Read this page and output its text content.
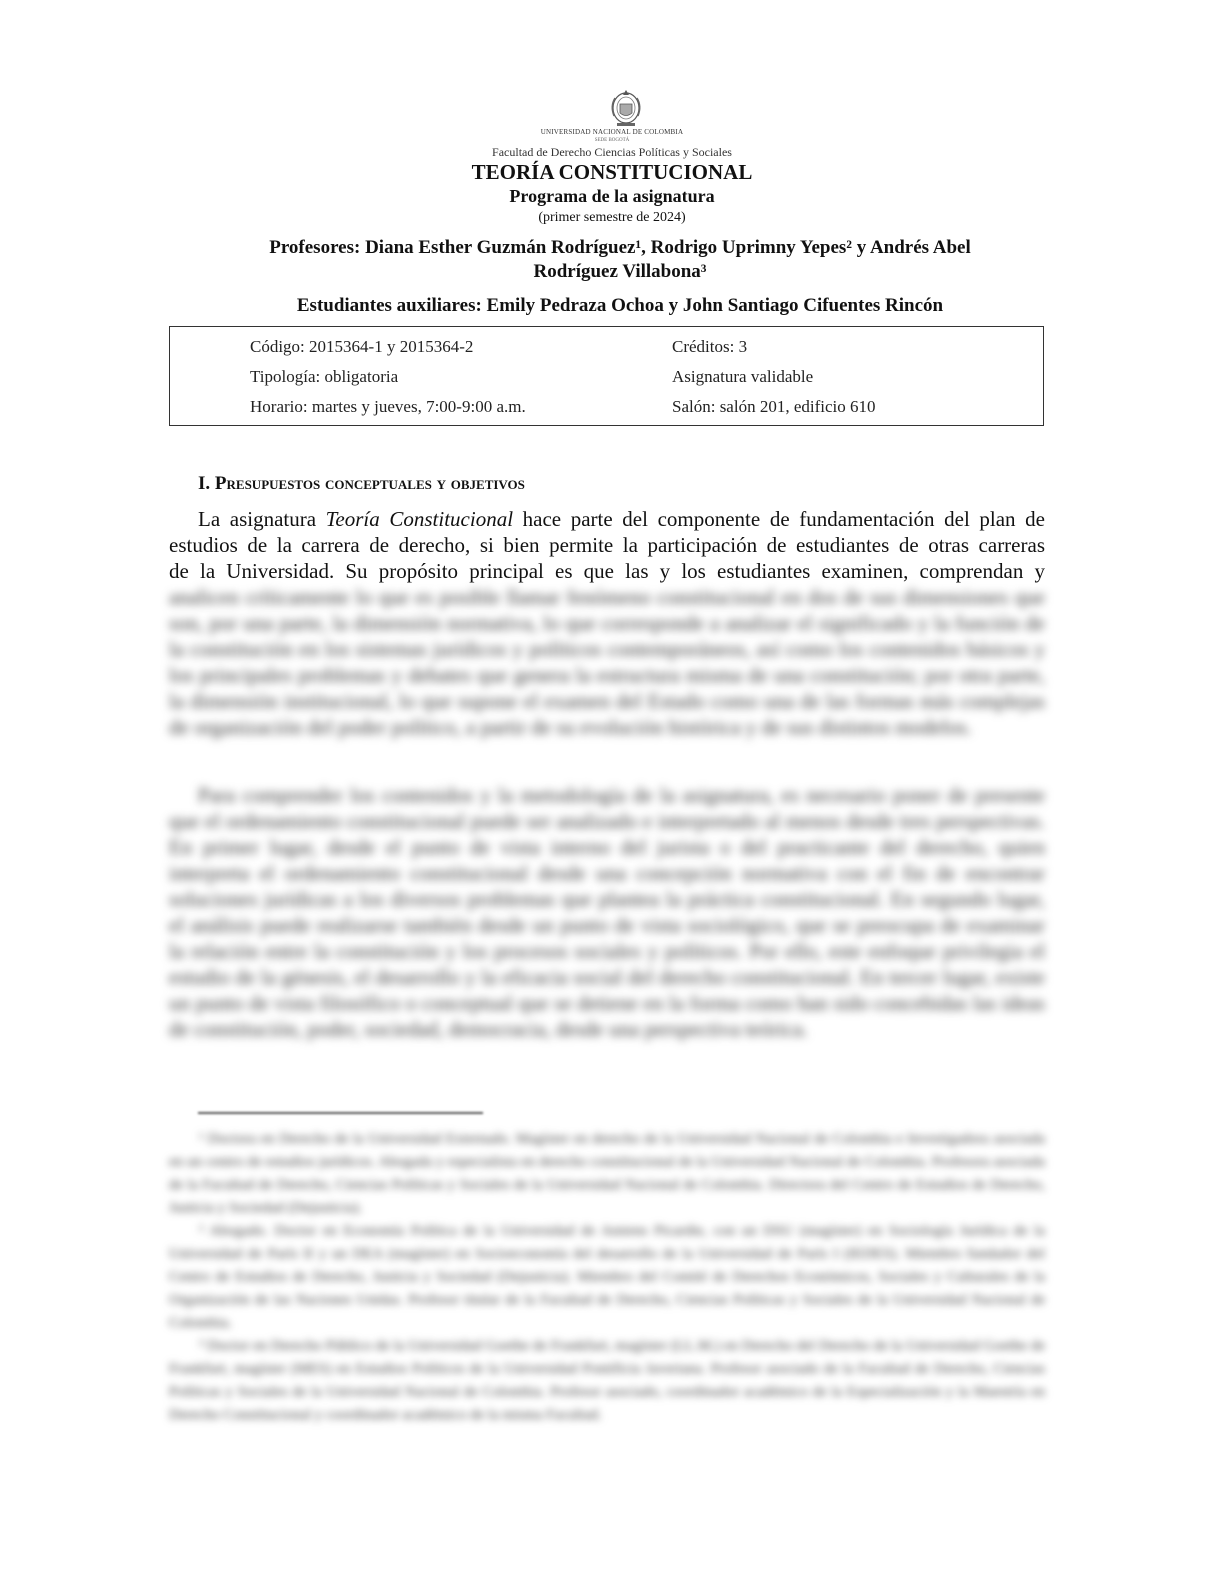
UNIVERSIDAD NACIONAL DE COLOMBIA
SEDE BOGOTÁ
Facultad de Derecho Ciencias Políticas y Sociales
TEORÍA CONSTITUCIONAL
Programa de la asignatura
(primer semestre de 2024)
Profesores: Diana Esther Guzmán Rodríguez¹, Rodrigo Uprimny Yepes² y Andrés Abel
Rodríguez Villabona³
Estudiantes auxiliares: Emily Pedraza Ochoa y John Santiago Cifuentes Rincón
Código: 2015364-1 y 2015364-2	Créditos: 3
Tipología: obligatoria	Asignatura validable
Horario: martes y jueves, 7:00-9:00 a.m.	Salón: salón 201, edificio 610
I. Presupuestos conceptuales y objetivos
La asignatura Teoría Constitucional hace parte del componente de fundamentación del plan de
estudios de la carrera de derecho, si bien permite la participación de estudiantes de otras carreras
de la Universidad. Su propósito principal es que las y los estudiantes examinen, comprendan y
analicen críticamente lo que es posible llamar fenómeno constitucional en dos de sus dimensiones que son, por una parte, la dimensión normativa, lo que corresponde a analizar el significado y la función de la constitución en los sistemas jurídicos y políticos contemporáneos, así como los contenidos básicos y los principales problemas y debates que genera la estructura misma de una constitución; por otra parte, la dimensión institucional, lo que supone el examen del Estado como una de las formas más complejas de organización del poder político, a partir de su evolución histórica y de sus distintos modelos.
Para comprender los contenidos y la metodología de la asignatura, es necesario poner de presente que el ordenamiento constitucional puede ser analizado e interpretado al menos desde tres perspectivas. En primer lugar, desde el punto de vista interno del jurista o del practicante del derecho, quien interpreta el ordenamiento constitucional desde una concepción normativa con el fin de encontrar soluciones jurídicas a los diversos problemas que plantea la práctica constitucional. En segundo lugar, el análisis puede realizarse también desde un punto de vista sociológico, que se preocupa de examinar la relación entre la constitución y los procesos sociales y políticos. Por ello, este enfoque privilegia el estudio de la génesis, el desarrollo y la eficacia social del derecho constitucional. En tercer lugar, existe un punto de vista filosófico o conceptual que se detiene en la forma como han sido concebidas las ideas de constitución, poder, sociedad, democracia, desde una perspectiva teórica.

¹ Doctora en Derecho de la Universidad Externado. Magíster en derecho de la Universidad Nacional de Colombia e Investigadora asociada en un centro de estudios jurídicos. Abogada y especialista en derecho constitucional de la Universidad Nacional de Colombia. Profesora asociada de la Facultad de Derecho, Ciencias Políticas y Sociales de la Universidad Nacional de Colombia. Directora del Centro de Estudios de Derecho, Justicia y Sociedad (Dejusticia).

² Abogado. Doctor en Economía Política de la Universidad de Amiens Picardie, con un DSU (magíster) en Sociología Jurídica de la Universidad de París II y un DEA (magíster) en Socioeconomía del desarrollo de la Universidad de París I (IEDES). Miembro fundador del Centro de Estudios de Derecho, Justicia y Sociedad (Dejusticia). Miembro del Comité de Derechos Económicos, Sociales y Culturales de la Organización de las Naciones Unidas. Profesor titular de la Facultad de Derecho, Ciencias Políticas y Sociales de la Universidad Nacional de Colombia.

³ Doctor en Derecho Público de la Universidad Goethe de Frankfurt, magíster (LL.M.) en Derecho del Derecho de la Universidad Goethe de Frankfurt, magíster (MES) en Estudios Políticos de la Universidad Pontificia Javeriana. Profesor asociado de la Facultad de Derecho, Ciencias Políticas y Sociales de la Universidad Nacional de Colombia. Profesor asociado, coordinador académico de la Especialización y la Maestría en Derecho Constitucional y coordinador académico de la misma Facultad.
